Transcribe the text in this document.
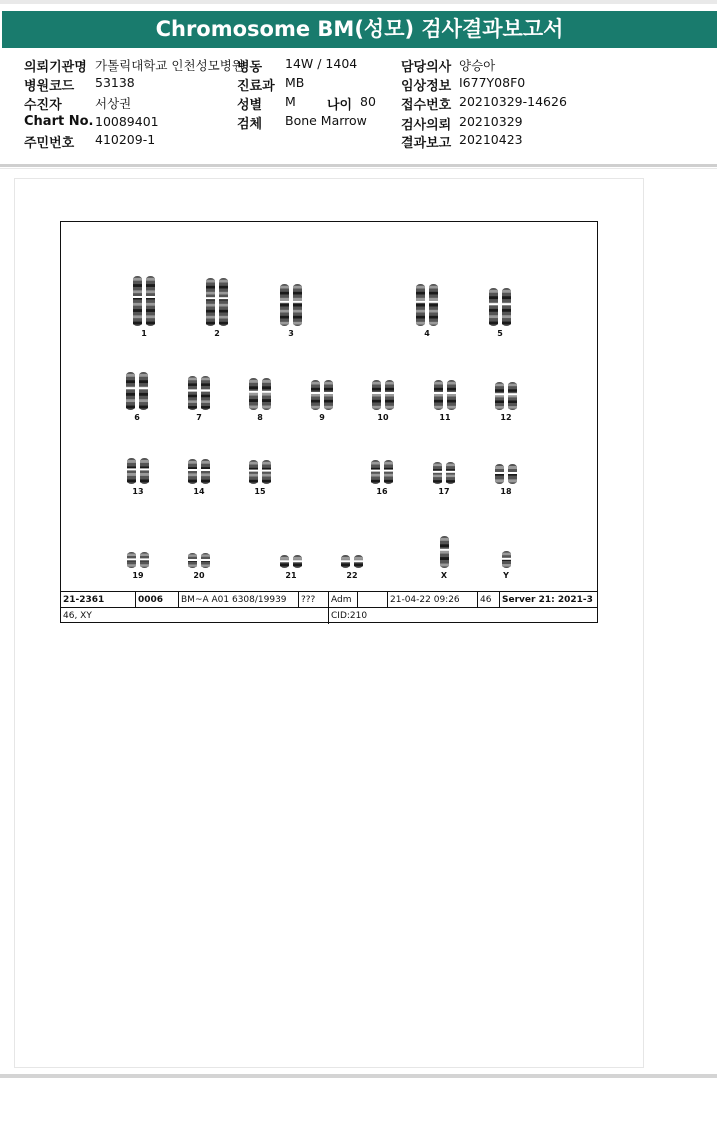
Chromosome BM(성모) 검사결과보고서
의뢰기관명 가톨릭대학교 인천성모병원
병동 14W / 1404	담당의사 양승아
병원코드 53138	진료과 MB	임상정보 I677Y08F0
수진자	서상권	성별 M 나이 80 접수번호 20210329-14626
Chart No. 10089401	검체 Bone Marrow	검사의뢰 20210329
주민번호 410209-1	결과보고 20210423
1	2	3	4	5
6	7	8	9	10	11	12
13	14	15	16	17	18
19	20	21	22	X	Y
21-2361	0006	BM~A A01 6308/19939	???	Adm	21-04-22 09:26	46	Server 21: 2021-3
46, XY	CID:210
